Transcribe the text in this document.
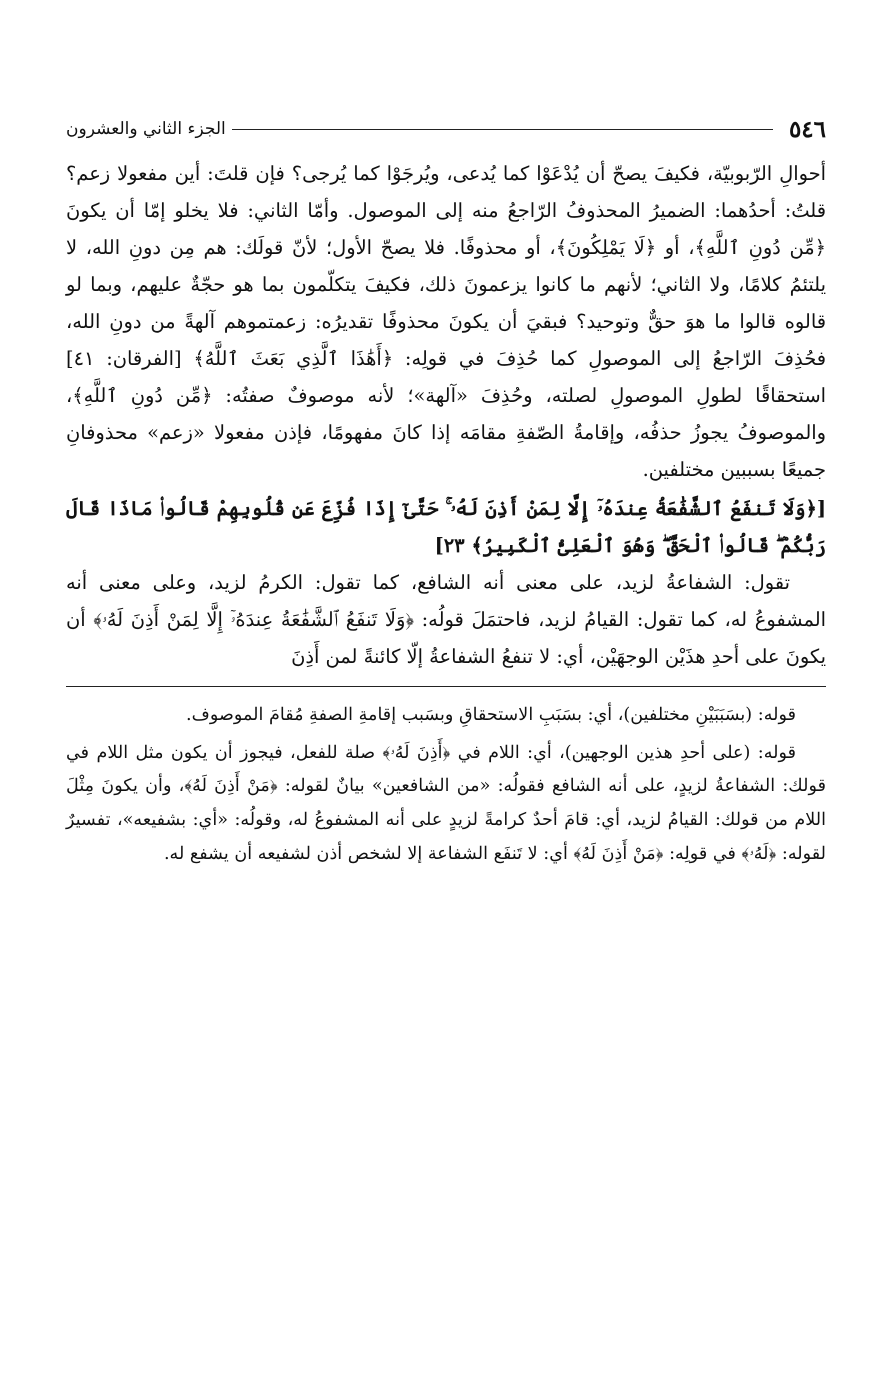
٥٤٦
الجزء الثاني والعشرون

أحوالِ الرّبوبيّة، فكيفَ يصحّ أن يُدْعَوْا كما يُدعى، ويُرجَوْا كما يُرجى؟ فإن قلتَ: أين مفعولا زعم؟ قلتُ: أحدُهما: الضميرُ المحذوفُ الرّاجعُ منه إلى الموصول. وأمّا الثاني: فلا يخلو إمّا أن يكونَ ﴿مِّن دُونِ ٱللَّهِ﴾، أو ﴿لَا يَمْلِكُونَ﴾، أو محذوفًا. فلا يصحّ الأول؛ لأنّ قولَك: هم مِن دونِ الله، لا يلتئمُ كلامًا، ولا الثاني؛ لأنهم ما كانوا يزعمونَ ذلك، فكيفَ يتكلّمون بما هو حجّةٌ عليهم، وبما لو قالوه قالوا ما هوَ حقٌّ وتوحيد؟ فبقيَ أن يكونَ محذوفًا تقديرُه: زعمتموهم آلهةً من دونِ الله، فحُذِفَ الرّاجعُ إلى الموصولِ كما حُذِفَ في قولِه: ﴿أَهَٰذَا ٱلَّذِي بَعَثَ ٱللَّهُ﴾ [الفرقان: ٤١] استحقاقًا لطولِ الموصولِ لصلته، وحُذِفَ «آلهة»؛ لأنه موصوفٌ صفتُه: ﴿مِّن دُونِ ٱللَّهِ﴾، والموصوفُ يجوزُ حذفُه، وإقامةُ الصّفةِ مقامَه إذا كانَ مفهومًا، فإذن مفعولا «زعم» محذوفانِ جميعًا بسببين مختلفين.

[﴿وَلَا تَنفَعُ ٱلشَّفَٰعَةُ عِندَهُۥٓ إِلَّا لِمَنْ أَذِنَ لَهُۥ ۚ حَتَّىٰٓ إِذَا فُزِّعَ عَن قُلُوبِهِمْ قَالُوا۟ مَاذَا قَالَ رَبُّكُمْ ۖ قَالُوا۟ ٱلْحَقَّ ۖ وَهُوَ ٱلْعَلِىُّ ٱلْكَبِيرُ﴾ ٢٣]

تقول: الشفاعةُ لزيد، على معنى أنه الشافع، كما تقول: الكرمُ لزيد، وعلى معنى أنه المشفوعُ له، كما تقول: القيامُ لزيد، فاحتمَلَ قولُه: ﴿وَلَا تَنفَعُ ٱلشَّفَٰعَةُ عِندَهُۥٓ إِلَّا لِمَنْ أَذِنَ لَهُۥ﴾ أن يكونَ على أحدِ هذَيْن الوجهَيْن، أي: لا تنفعُ الشفاعةُ إلّا كائنةً لمن أَذِنَ

قوله: (بسَبَبَيْنِ مختلفين)، أي: بسَبَبِ الاستحقاقِ وبسَبب إقامةِ الصفةِ مُقامَ الموصوف.

قوله: (على أحدِ هذين الوجهين)، أي: اللام في ﴿أَذِنَ لَهُۥ﴾ صلة للفعل، فيجوز أن يكون مثل اللام في قولك: الشفاعةُ لزيدٍ، على أنه الشافع فقولُه: «من الشافعين» بيانٌ لقوله: ﴿مَنْ أَذِنَ لَهُ﴾، وأن يكونَ مِثْلَ اللام من قولك: القيامُ لزيد، أي: قامَ أحدٌ كرامةً لزيدٍ على أنه المشفوعُ له، وقولُه: «أي: بشفيعه»، تفسيرٌ لقوله: ﴿لَهُۥ﴾ في قولِه: ﴿مَنْ أَذِنَ لَهُ﴾ أي: لا تَنفَع الشفاعة إلا لشخص أذن لشفيعه أن يشفع له.
